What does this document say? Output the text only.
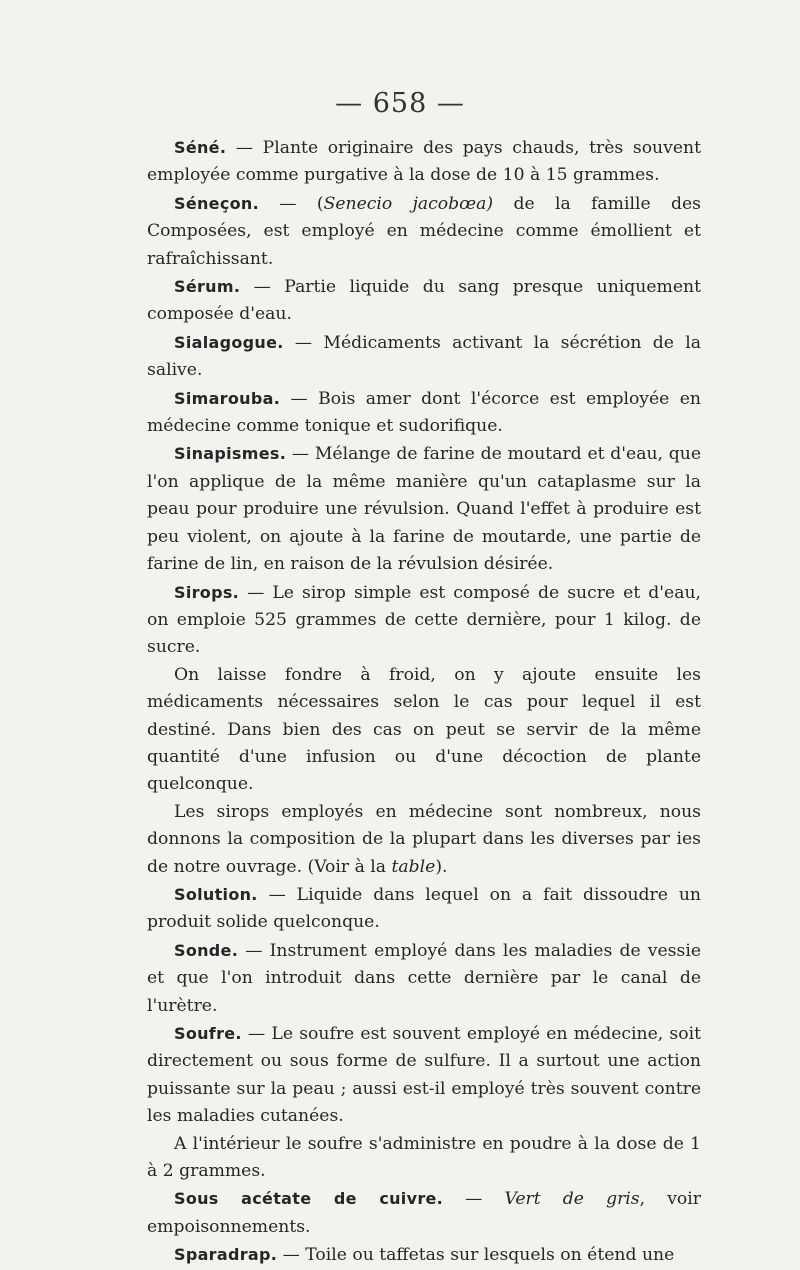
— 658 —

Séné. — Plante originaire des pays chauds, très souvent employée comme purgative à la dose de 10 à 15 grammes.

Séneçon. — (Senecio jacobœa) de la famille des Composées, est employé en médecine comme émollient et rafraîchissant.

Sérum. — Partie liquide du sang presque uniquement composée d'eau.

Sialagogue. — Médicaments activant la sécrétion de la salive.

Simarouba. — Bois amer dont l'écorce est employée en médecine comme tonique et sudorifique.

Sinapismes. — Mélange de farine de moutard et d'eau, que l'on applique de la même manière qu'un cataplasme sur la peau pour produire une révulsion. Quand l'effet à produire est peu violent, on ajoute à la farine de moutarde, une partie de farine de lin, en raison de la révulsion désirée.

Sirops. — Le sirop simple est composé de sucre et d'eau, on emploie 525 grammes de cette dernière, pour 1 kilog. de sucre.

On laisse fondre à froid, on y ajoute ensuite les médicaments nécessaires selon le cas pour lequel il est destiné. Dans bien des cas on peut se servir de la même quantité d'une infusion ou d'une décoction de plante quelconque.

Les sirops employés en médecine sont nombreux, nous donnons la composition de la plupart dans les diverses par ies de notre ouvrage. (Voir à la table).

Solution. — Liquide dans lequel on a fait dissoudre un produit solide quelconque.

Sonde. — Instrument employé dans les maladies de vessie et que l'on introduit dans cette dernière par le canal de l'urètre.

Soufre. — Le soufre est souvent employé en médecine, soit directement ou sous forme de sulfure. Il a surtout une action puissante sur la peau ; aussi est-il employé très souvent contre les maladies cutanées.

A l'intérieur le soufre s'administre en poudre à la dose de 1 à 2 grammes.

Sous acétate de cuivre. — Vert de gris, voir empoisonnements.

Sparadrap. — Toile ou taffetas sur lesquels on étend une
